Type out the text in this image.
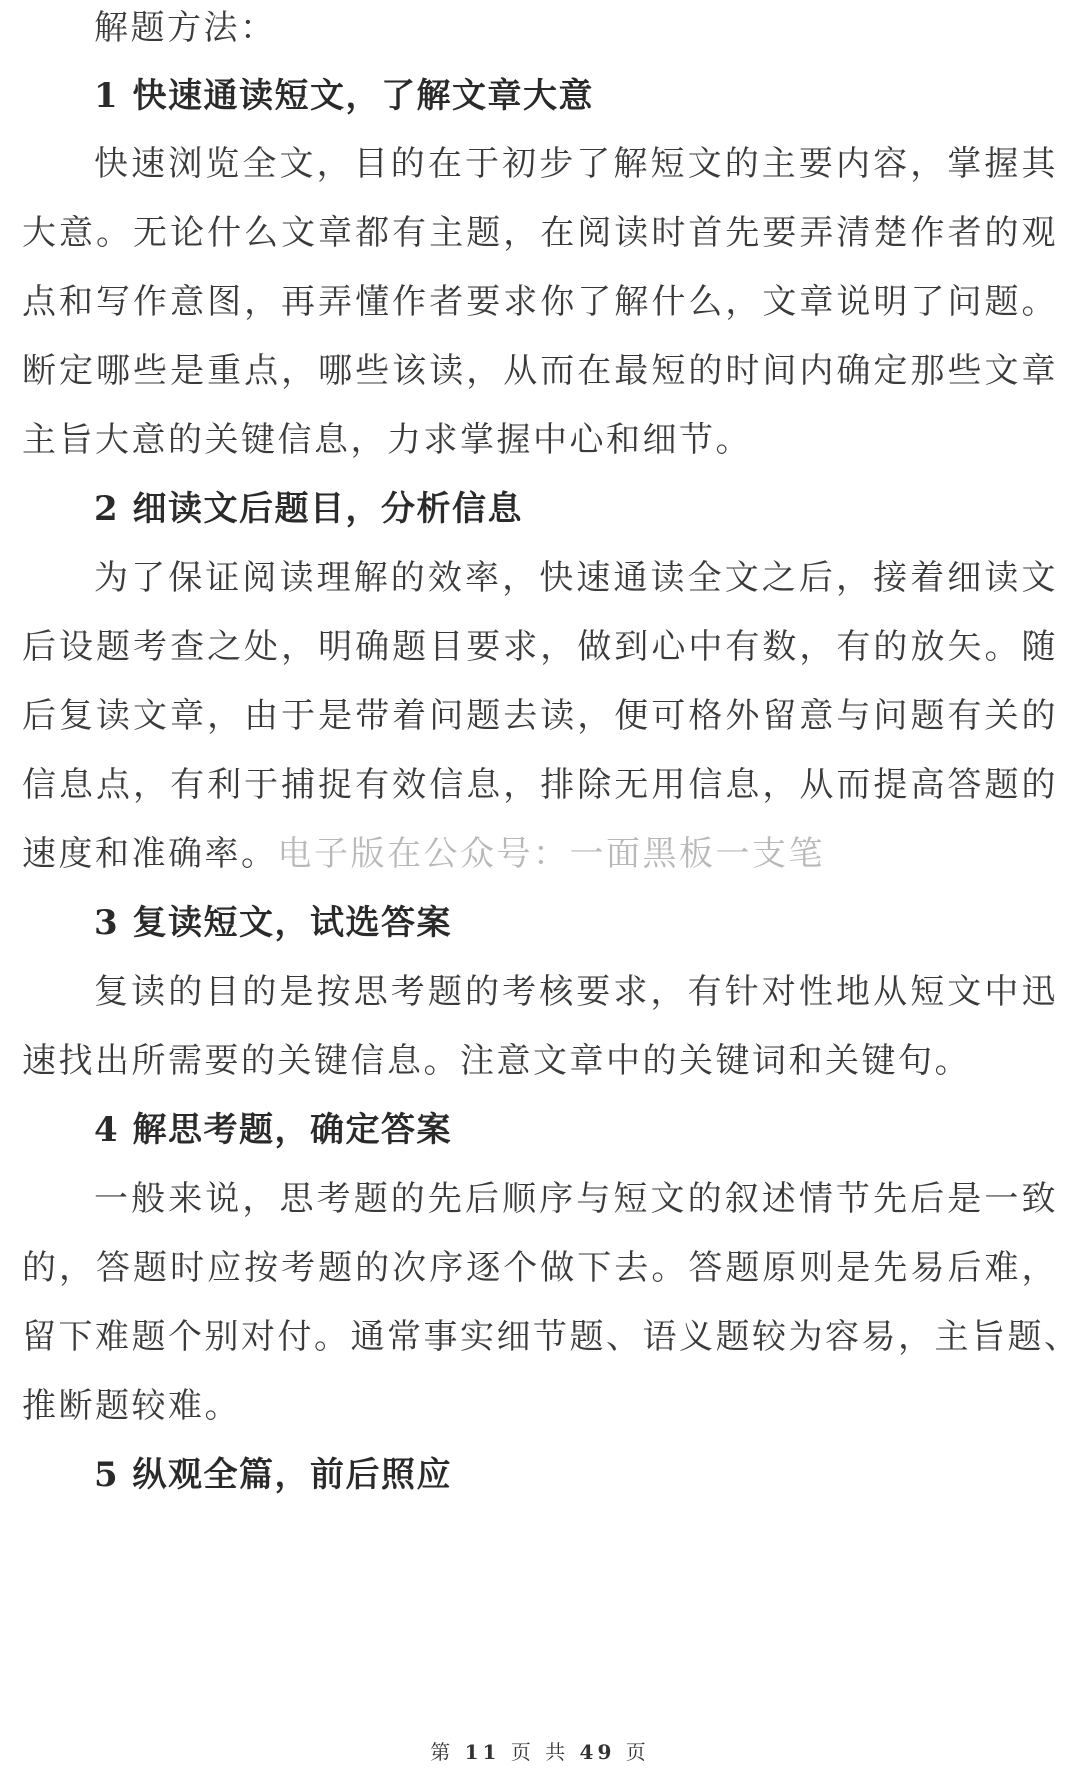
解题方法：
1 快速通读短文，了解文章大意
快速浏览全文，目的在于初步了解短文的主要内容，掌握其
大意。无论什么文章都有主题，在阅读时首先要弄清楚作者的观
点和写作意图，再弄懂作者要求你了解什么，文章说明了问题。
断定哪些是重点，哪些该读，从而在最短的时间内确定那些文章
主旨大意的关键信息，力求掌握中心和细节。
2 细读文后题目，分析信息
为了保证阅读理解的效率，快速通读全文之后，接着细读文
后设题考查之处，明确题目要求，做到心中有数，有的放矢。随
后复读文章，由于是带着问题去读，便可格外留意与问题有关的
信息点，有利于捕捉有效信息，排除无用信息，从而提高答题的
速度和准确率。电子版在公众号：一面黑板一支笔
3 复读短文，试选答案
复读的目的是按思考题的考核要求，有针对性地从短文中迅
速找出所需要的关键信息。注意文章中的关键词和关键句。
4 解思考题，确定答案
一般来说，思考题的先后顺序与短文的叙述情节先后是一致
的，答题时应按考题的次序逐个做下去。答题原则是先易后难，
留下难题个别对付。通常事实细节题、语义题较为容易，主旨题、
推断题较难。
5 纵观全篇，前后照应
第 11 页 共 49 页
